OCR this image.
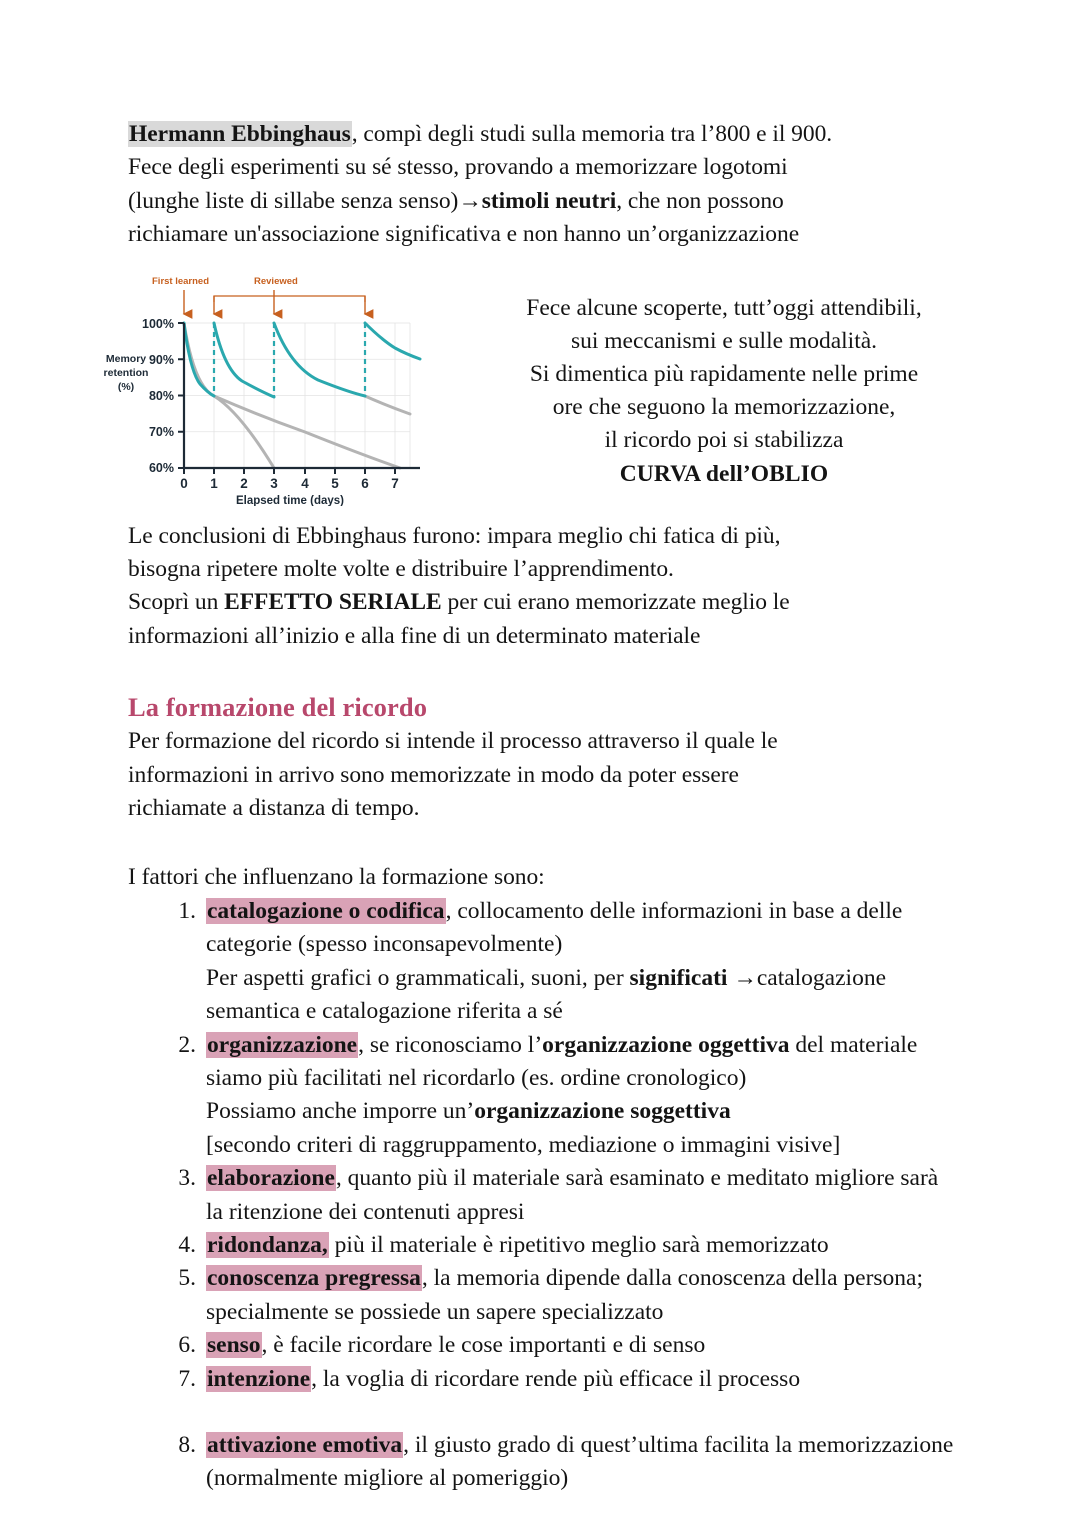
Hermann Ebbinghaus, compì degli studi sulla memoria tra l’800 e il 900.
Fece degli esperimenti su sé stesso, provando a memorizzare logotomi
(lunghe liste di sillabe senza senso)→stimoli neutri, che non possono
richiamare un'associazione significativa e non hanno un’organizzazione
First learned	Reviewed
100%
90%
80%
70%
60%
0 1 2 3 4 5 6 7
Memory
retention
(%)
Elapsed time (days)
Fece alcune scoperte, tutt’oggi attendibili,
sui meccanismi e sulle modalità.
Si dimentica più rapidamente nelle prime
ore che seguono la memorizzazione,
il ricordo poi si stabilizza
CURVA dell’OBLIO
Le conclusioni di Ebbinghaus furono: impara meglio chi fatica di più,
bisogna ripetere molte volte e distribuire l’apprendimento.
Scoprì un EFFETTO SERIALE per cui erano memorizzate meglio le
informazioni all’inizio e alla fine di un determinato materiale
La formazione del ricordo
Per formazione del ricordo si intende il processo attraverso il quale le
informazioni in arrivo sono memorizzate in modo da poter essere
richiamate a distanza di tempo.
I fattori che influenzano la formazione sono:
catalogazione o codifica, collocamento delle informazioni in base a delle categorie (spesso inconsapevolmente)
Per aspetti grafici o grammaticali, suoni, per significati →catalogazione semantica e catalogazione riferita a sé
organizzazione, se riconosciamo l’organizzazione oggettiva del materiale siamo più facilitati nel ricordarlo (es. ordine cronologico)
Possiamo anche imporre un’organizzazione soggettiva
[secondo criteri di raggruppamento, mediazione o immagini visive]
elaborazione, quanto più il materiale sarà esaminato e meditato migliore sarà la ritenzione dei contenuti appresi
ridondanza, più il materiale è ripetitivo meglio sarà memorizzato
conoscenza pregressa, la memoria dipende dalla conoscenza della persona; specialmente se possiede un sapere specializzato
senso, è facile ricordare le cose importanti e di senso
intenzione, la voglia di ricordare rende più efficace il processo
attivazione emotiva, il giusto grado di quest’ultima facilita la memorizzazione (normalmente migliore al pomeriggio)
